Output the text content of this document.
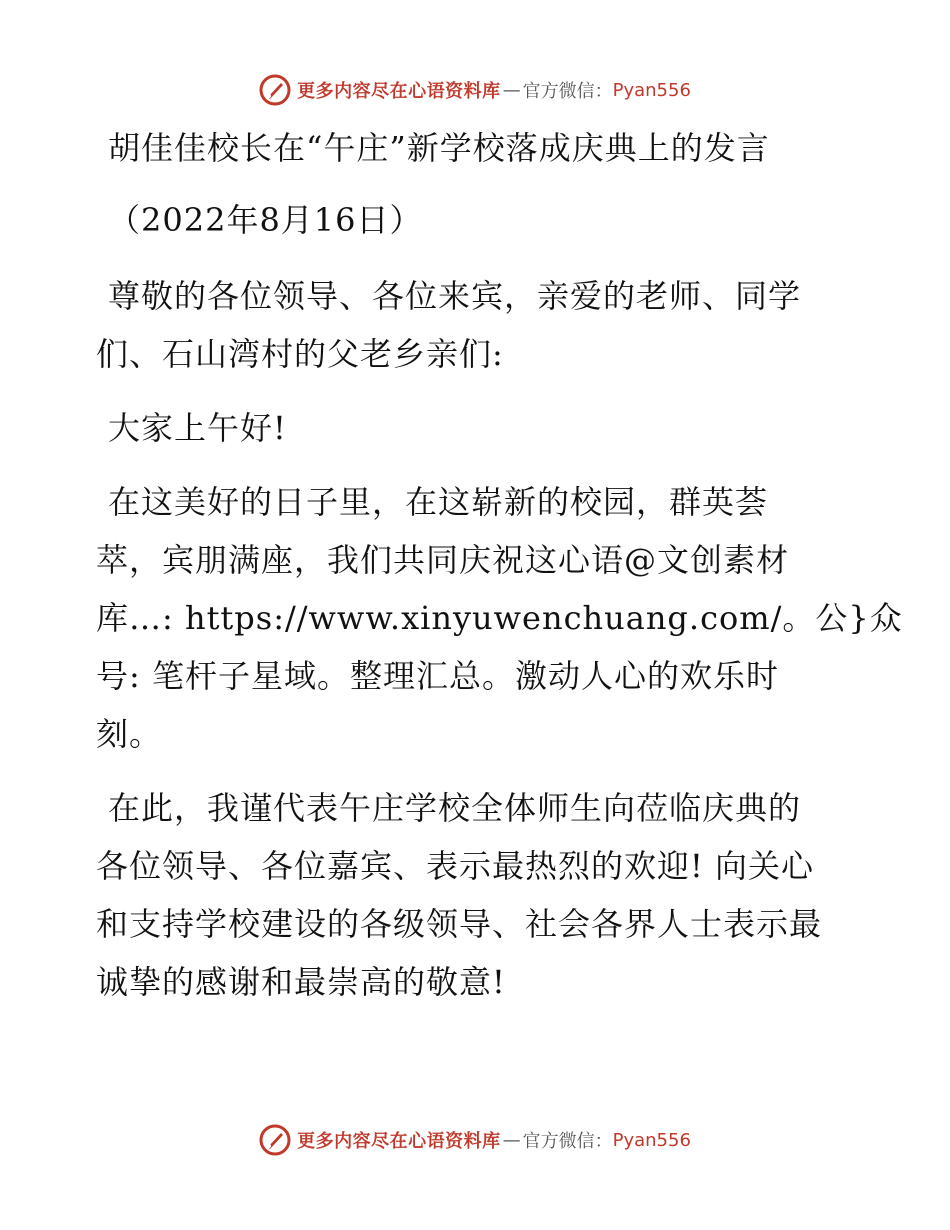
更多内容尽在心语资料库 — 官方微信： Pyan556
胡佳佳校长在“午庄”新学校落成庆典上的发言
（2022年8月16日）
尊敬的各位领导、各位来宾，亲爱的老师、同学
们、石山湾村的父老乡亲们:
大家上午好!
在这美好的日子里，在这崭新的校园，群英荟
萃，宾朋满座，我们共同庆祝这心语@文创素材
库…: https://www.xinyuwenchuang.com/。公}众
号: 笔杆子星域。整理汇总。激动人心的欢乐时
刻。
在此，我谨代表午庄学校全体师生向莅临庆典的
各位领导、各位嘉宾、表示最热烈的欢迎! 向关心
和支持学校建设的各级领导、社会各界人士表示最
诚挚的感谢和最崇高的敬意!
更多内容尽在心语资料库 — 官方微信： Pyan556
